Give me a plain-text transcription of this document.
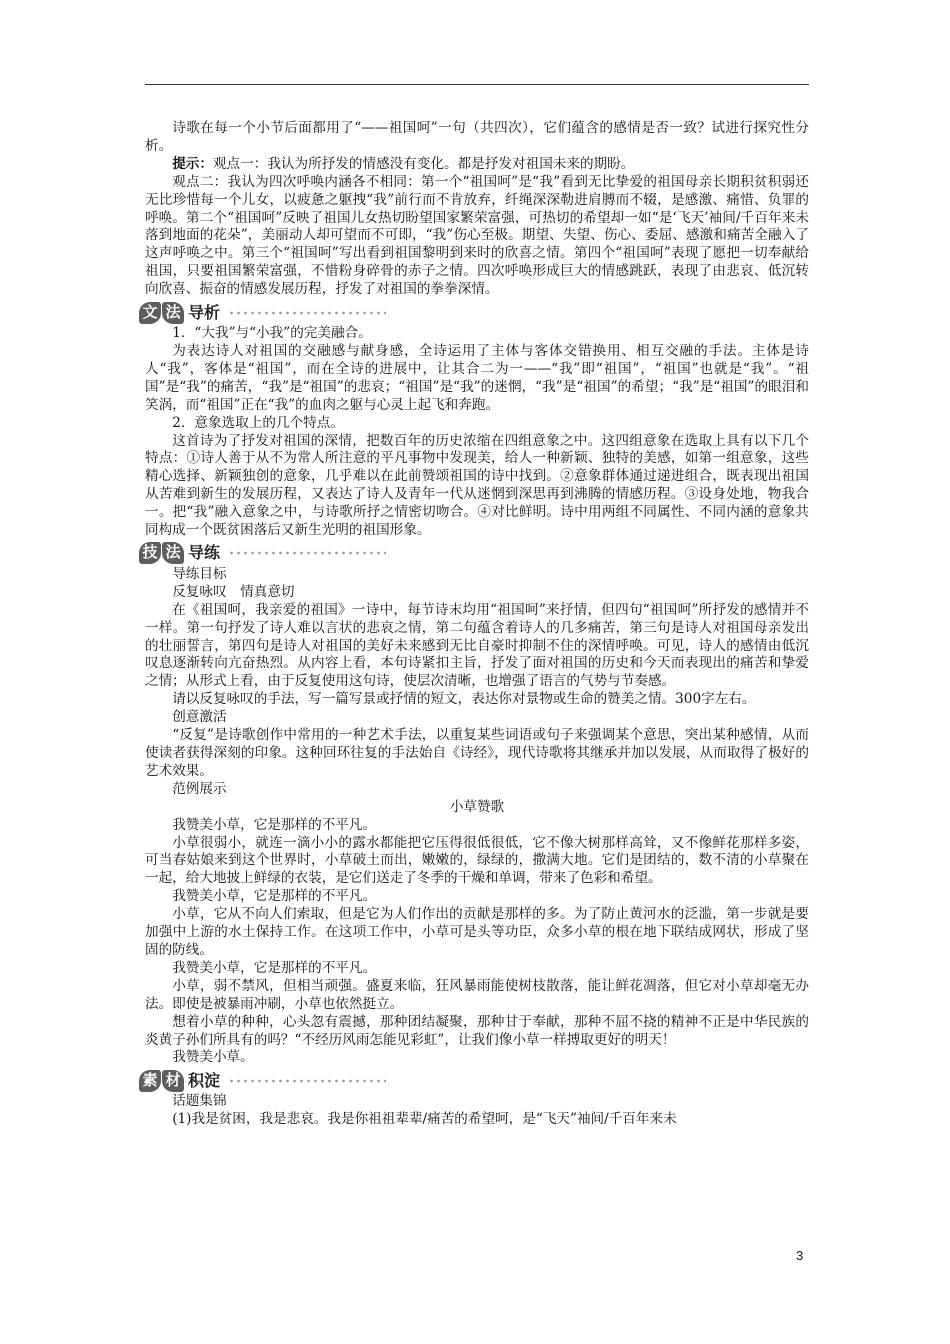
诗歌在每一个小节后面都用了“——祖国呵”一句（共四次），它们蕴含的感情是否一致？试进行探究性分析。

提示：观点一：我认为所抒发的情感没有变化。都是抒发对祖国未来的期盼。

观点二：我认为四次呼唤内涵各不相同：第一个“祖国呵”是“我”看到无比挚爱的祖国母亲长期积贫积弱还无比珍惜每一个儿女，以疲惫之躯拽“我”前行而不肯放弃，纤绳深深勒进肩膊而不辍，是感激、痛惜、负罪的呼唤。第二个“祖国呵”反映了祖国儿女热切盼望国家繁荣富强，可热切的希望却一如“是‘飞天’袖间/千百年来未落到地面的花朵”，美丽动人却可望而不可即，“我”伤心至极。期望、失望、伤心、委屈、感激和痛苦全融入了这声呼唤之中。第三个“祖国呵”写出看到祖国黎明到来时的欣喜之情。第四个“祖国呵”表现了愿把一切奉献给祖国，只要祖国繁荣富强，不惜粉身碎骨的赤子之情。四次呼唤形成巨大的情感跳跃，表现了由悲哀、低沉转向欣喜、振奋的情感发展历程，抒发了对祖国的拳拳深情。

文 法 导析

1．“大我”与“小我”的完美融合。

为表达诗人对祖国的交融感与献身感，全诗运用了主体与客体交错换用、相互交融的手法。主体是诗人“我”，客体是“祖国”，而在全诗的进展中，让其合二为一——“我”即“祖国”，“祖国”也就是“我”。“祖国”是“我”的痛苦，“我”是“祖国”的悲哀；“祖国”是“我”的迷惘，“我”是“祖国”的希望；“我”是“祖国”的眼泪和笑涡，而“祖国”正在“我”的血肉之躯与心灵上起飞和奔跑。

2．意象选取上的几个特点。

这首诗为了抒发对祖国的深情，把数百年的历史浓缩在四组意象之中。这四组意象在选取上具有以下几个特点：①诗人善于从不为常人所注意的平凡事物中发现美，给人一种新颖、独特的美感，如第一组意象，这些精心选择、新颖独创的意象，几乎难以在此前赞颂祖国的诗中找到。②意象群体通过递进组合，既表现出祖国从苦难到新生的发展历程，又表达了诗人及青年一代从迷惘到深思再到沸腾的情感历程。③设身处地，物我合一。把“我”融入意象之中，与诗歌所抒之情密切吻合。④对比鲜明。诗中用两组不同属性、不同内涵的意象共同构成一个既贫困落后又新生光明的祖国形象。

技 法 导练

导练目标

反复咏叹　情真意切

在《祖国呵，我亲爱的祖国》一诗中，每节诗末均用“祖国呵”来抒情，但四句“祖国呵”所抒发的感情并不一样。第一句抒发了诗人难以言状的悲哀之情，第二句蕴含着诗人的几多痛苦，第三句是诗人对祖国母亲发出的壮丽誓言，第四句是诗人对祖国的美好未来感到无比自豪时抑制不住的深情呼唤。可见，诗人的感情由低沉叹息逐渐转向亢奋热烈。从内容上看，本句诗紧扣主旨，抒发了面对祖国的历史和今天而表现出的痛苦和挚爱之情；从形式上看，由于反复使用这句诗，使层次清晰，也增强了语言的气势与节奏感。

请以反复咏叹的手法，写一篇写景或抒情的短文，表达你对景物或生命的赞美之情。300字左右。

创意激活

“反复”是诗歌创作中常用的一种艺术手法，以重复某些词语或句子来强调某个意思，突出某种感情，从而使读者获得深刻的印象。这种回环往复的手法始自《诗经》，现代诗歌将其继承并加以发展，从而取得了极好的艺术效果。

范例展示

小草赞歌

我赞美小草，它是那样的不平凡。

小草很弱小，就连一滴小小的露水都能把它压得很低很低，它不像大树那样高耸，又不像鲜花那样多姿，可当春姑娘来到这个世界时，小草破土而出，嫩嫩的，绿绿的，撒满大地。它们是团结的，数不清的小草聚在一起，给大地披上鲜绿的衣装，是它们送走了冬季的干燥和单调，带来了色彩和希望。

我赞美小草，它是那样的不平凡。

小草，它从不向人们索取，但是它为人们作出的贡献是那样的多。为了防止黄河水的泛滥，第一步就是要加强中上游的水土保持工作。在这项工作中，小草可是头等功臣，众多小草的根在地下联结成网状，形成了坚固的防线。

我赞美小草，它是那样的不平凡。

小草，弱不禁风，但相当顽强。盛夏来临，狂风暴雨能使树枝散落，能让鲜花凋落，但它对小草却毫无办法。即使是被暴雨冲刷，小草也依然挺立。

想着小草的种种，心头忽有震撼，那种团结凝聚，那种甘于奉献，那种不屈不挠的精神不正是中华民族的炎黄子孙们所具有的吗？“不经历风雨怎能见彩虹”，让我们像小草一样搏取更好的明天！

我赞美小草。

素 材 积淀

话题集锦

(1)我是贫困，我是悲哀。我是你祖祖辈辈/痛苦的希望呵，是“飞天”袖间/千百年来未

3
